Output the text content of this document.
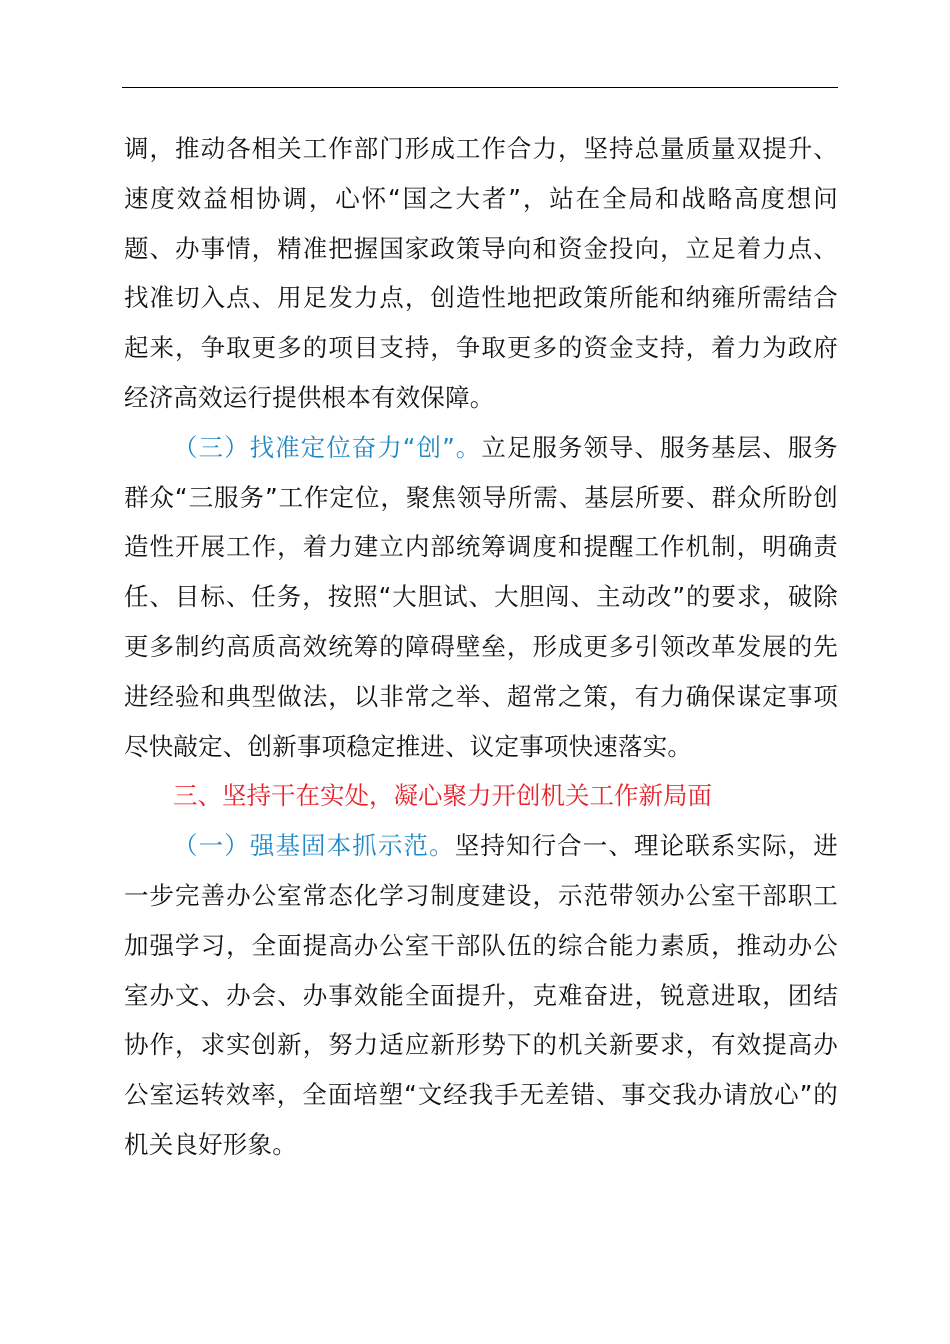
调，推动各相关工作部门形成工作合力，坚持总量质量双提升、速度效益相协调，心怀“国之大者”，站在全局和战略高度想问题、办事情，精准把握国家政策导向和资金投向，立足着力点、找准切入点、用足发力点，创造性地把政策所能和纳雍所需结合起来，争取更多的项目支持，争取更多的资金支持，着力为政府经济高效运行提供根本有效保障。

（三）找准定位奋力“创”。立足服务领导、服务基层、服务群众“三服务”工作定位，聚焦领导所需、基层所要、群众所盼创造性开展工作，着力建立内部统筹调度和提醒工作机制，明确责任、目标、任务，按照“大胆试、大胆闯、主动改”的要求，破除更多制约高质高效统筹的障碍壁垒，形成更多引领改革发展的先进经验和典型做法，以非常之举、超常之策，有力确保谋定事项尽快敲定、创新事项稳定推进、议定事项快速落实。

三、坚持干在实处，凝心聚力开创机关工作新局面

（一）强基固本抓示范。坚持知行合一、理论联系实际，进一步完善办公室常态化学习制度建设，示范带领办公室干部职工加强学习，全面提高办公室干部队伍的综合能力素质，推动办公室办文、办会、办事效能全面提升，克难奋进，锐意进取，团结协作，求实创新，努力适应新形势下的机关新要求，有效提高办公室运转效率，全面培塑“文经我手无差错、事交我办请放心”的机关良好形象。
